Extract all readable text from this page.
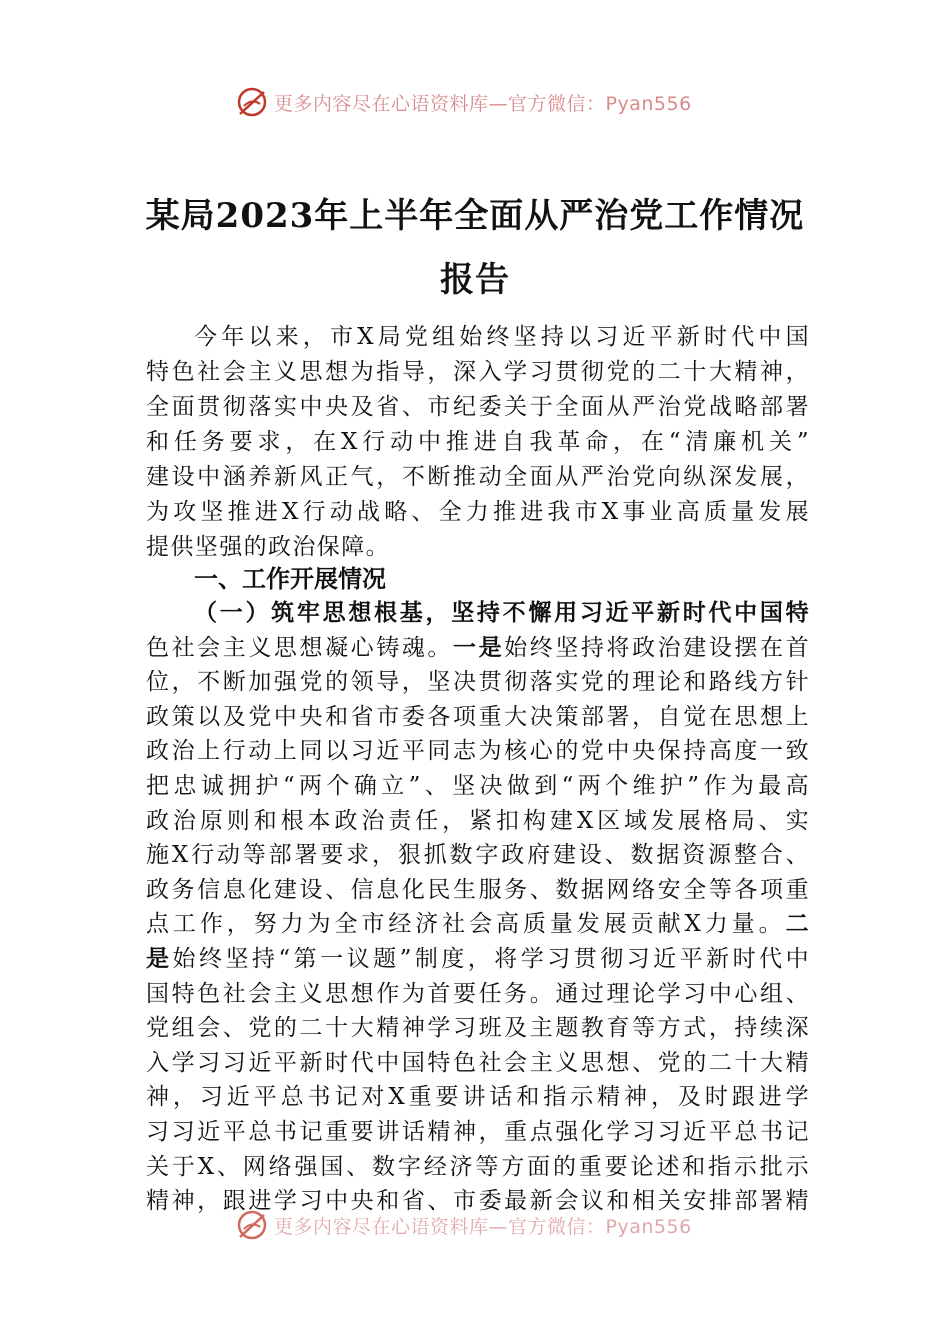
更多内容尽在心语资料库—官方微信：Pyan556
某局2023年上半年全面从严治党工作情况
报告
今年以来，市X局党组始终坚持以习近平新时代中国
特色社会主义思想为指导，深入学习贯彻党的二十大精神，
全面贯彻落实中央及省、市纪委关于全面从严治党战略部署
和任务要求，在X行动中推进自我革命，在“清廉机关”
建设中涵养新风正气，不断推动全面从严治党向纵深发展，
为攻坚推进X行动战略、全力推进我市X事业高质量发展
提供坚强的政治保障。
一、工作开展情况
（一）筑牢思想根基，坚持不懈用习近平新时代中国特
色社会主义思想凝心铸魂。一是始终坚持将政治建设摆在首
位，不断加强党的领导，坚决贯彻落实党的理论和路线方针
政策以及党中央和省市委各项重大决策部署，自觉在思想上
政治上行动上同以习近平同志为核心的党中央保持高度一致
把忠诚拥护“两个确立”、坚决做到“两个维护”作为最高
政治原则和根本政治责任，紧扣构建X区域发展格局、实
施X行动等部署要求，狠抓数字政府建设、数据资源整合、
政务信息化建设、信息化民生服务、数据网络安全等各项重
点工作，努力为全市经济社会高质量发展贡献X力量。二
是始终坚持“第一议题”制度，将学习贯彻习近平新时代中
国特色社会主义思想作为首要任务。通过理论学习中心组、
党组会、党的二十大精神学习班及主题教育等方式，持续深
入学习习近平新时代中国特色社会主义思想、党的二十大精
神，习近平总书记对X重要讲话和指示精神，及时跟进学
习习近平总书记重要讲话精神，重点强化学习习近平总书记
关于X、网络强国、数字经济等方面的重要论述和指示批示
精神，跟进学习中央和省、市委最新会议和相关安排部署精
更多内容尽在心语资料库—官方微信：Pyan556
